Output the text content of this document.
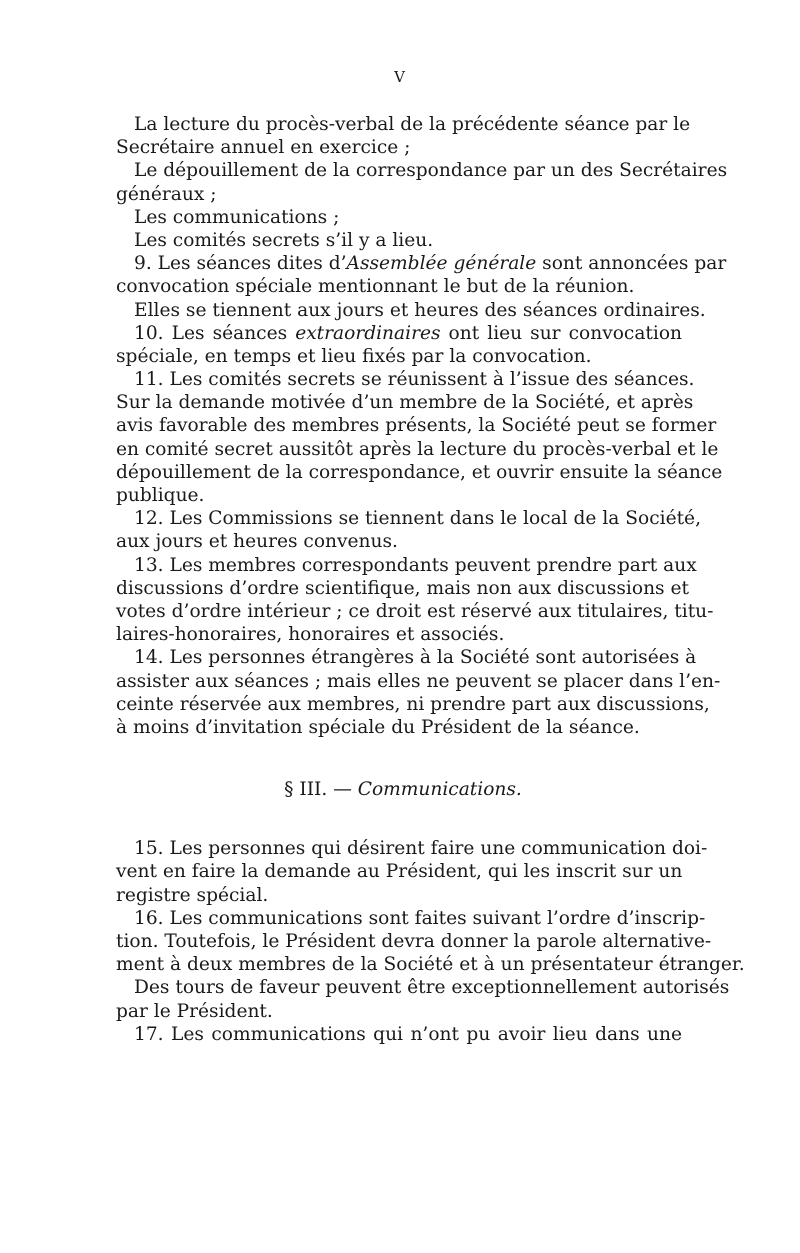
V
La lecture du procès-verbal de la précédente séance par le
Secrétaire annuel en exercice ;
Le dépouillement de la correspondance par un des Secrétaires
généraux ;
Les communications ;
Les comités secrets s’il y a lieu.
9. Les séances dites d’Assemblée générale sont annoncées par
convocation spéciale mentionnant le but de la réunion.
Elles se tiennent aux jours et heures des séances ordinaires.
10. Les séances extraordinaires ont lieu sur convocation
spéciale, en temps et lieu fixés par la convocation.
11. Les comités secrets se réunissent à l’issue des séances.
Sur la demande motivée d’un membre de la Société, et après
avis favorable des membres présents, la Société peut se former
en comité secret aussitôt après la lecture du procès-verbal et le
dépouillement de la correspondance, et ouvrir ensuite la séance
publique.
12. Les Commissions se tiennent dans le local de la Société,
aux jours et heures convenus.
13. Les membres correspondants peuvent prendre part aux
discussions d’ordre scientifique, mais non aux discussions et
votes d’ordre intérieur ; ce droit est réservé aux titulaires, titu-
laires-honoraires, honoraires et associés.
14. Les personnes étrangères à la Société sont autorisées à
assister aux séances ; mais elles ne peuvent se placer dans l’en-
ceinte réservée aux membres, ni prendre part aux discussions,
à moins d’invitation spéciale du Président de la séance.
§ III. — Communications.
15. Les personnes qui désirent faire une communication doi-
vent en faire la demande au Président, qui les inscrit sur un
registre spécial.
16. Les communications sont faites suivant l’ordre d’inscrip-
tion. Toutefois, le Président devra donner la parole alternative-
ment à deux membres de la Société et à un présentateur étranger.
Des tours de faveur peuvent être exceptionnellement autorisés
par le Président.
17. Les communications qui n’ont pu avoir lieu dans une
